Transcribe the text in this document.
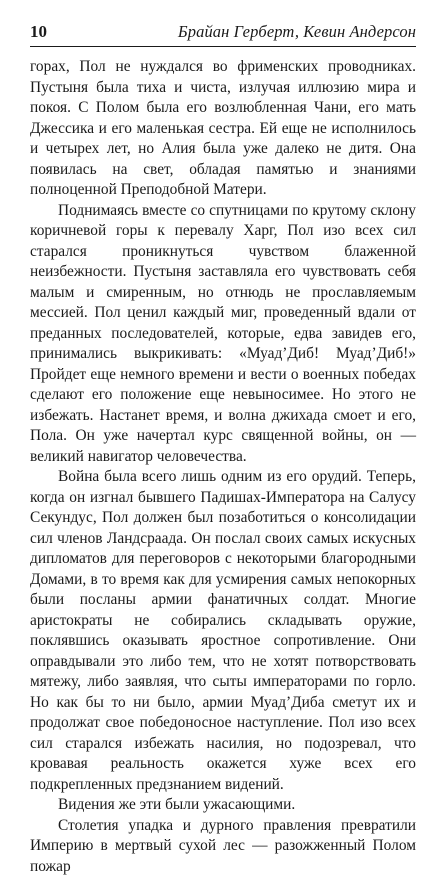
10	Брайан Герберт, Кевин Андерсон

горах, Пол не нуждался во фрименских проводниках. Пустыня была тиха и чиста, излучая иллюзию мира и покоя. С Полом была его возлюбленная Чани, его мать Джессика и его маленькая сестра. Ей еще не исполнилось и четырех лет, но Алия была уже далеко не дитя. Она появилась на свет, обладая памятью и знаниями полноценной Преподобной Матери.

Поднимаясь вместе со спутницами по крутому склону коричневой горы к перевалу Харг, Пол изо всех сил старался проникнуться чувством блаженной неизбежности. Пустыня заставляла его чувствовать себя малым и смиренным, но отнюдь не прославляемым мессией. Пол ценил каждый миг, проведенный вдали от преданных последователей, которые, едва завидев его, принимались выкрикивать: «Муад’Диб! Муад’Диб!» Пройдет еще немного времени и вести о военных победах сделают его положение еще невыносимее. Но этого не избежать. Настанет время, и волна джихада смоет и его, Пола. Он уже начертал курс священной войны, он — великий навигатор человечества.

Война была всего лишь одним из его орудий. Теперь, когда он изгнал бывшего Падишах-Императора на Салусу Секундус, Пол должен был позаботиться о консолидации сил членов Ландсраада. Он послал своих самых искусных дипломатов для переговоров с некоторыми благородными Домами, в то время как для усмирения самых непокорных были посланы армии фанатичных солдат. Многие аристократы не собирались складывать оружие, поклявшись оказывать яростное сопротивление. Они оправдывали это либо тем, что не хотят потворствовать мятежу, либо заявляя, что сыты императорами по горло. Но как бы то ни было, армии Муад’Диба сметут их и продолжат свое победоносное наступление. Пол изо всех сил старался избежать насилия, но подозревал, что кровавая реальность окажется хуже всех его подкрепленных предзнанием видений.

Видения же эти были ужасающими.

Столетия упадка и дурного правления превратили Империю в мертвый сухой лес — разожженный Полом пожар
